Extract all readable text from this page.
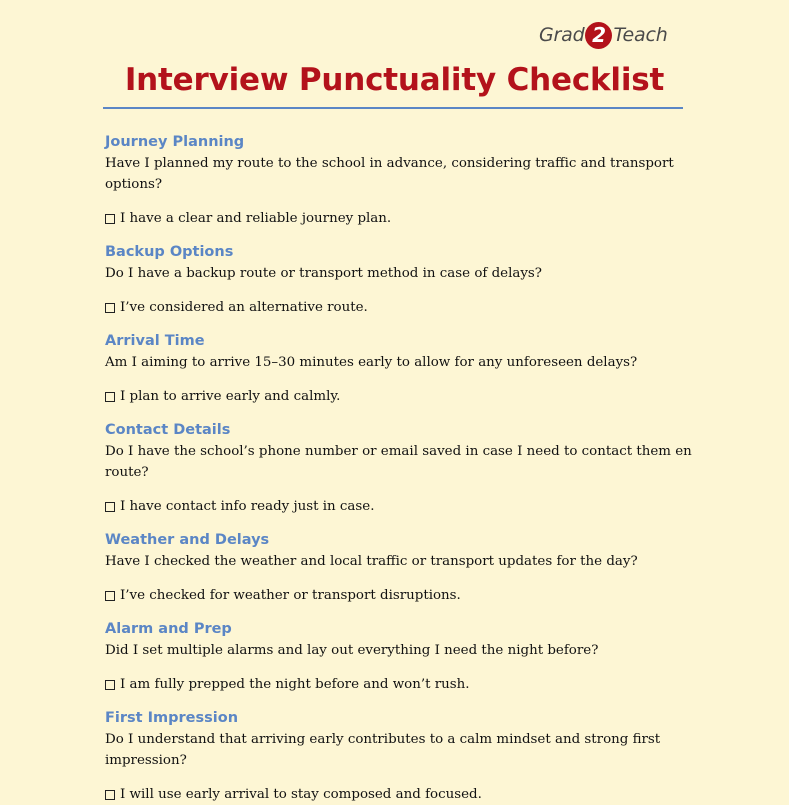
Grad 2 Teach
Interview Punctuality Checklist

Journey Planning

Have I planned my route to the school in advance, considering traffic and transport options?

I have a clear and reliable journey plan.

Backup Options

Do I have a backup route or transport method in case of delays?

I’ve considered an alternative route.

Arrival Time

Am I aiming to arrive 15–30 minutes early to allow for any unforeseen delays?

I plan to arrive early and calmly.

Contact Details

Do I have the school’s phone number or email saved in case I need to contact them en route?

I have contact info ready just in case.

Weather and Delays

Have I checked the weather and local traffic or transport updates for the day?

I’ve checked for weather or transport disruptions.

Alarm and Prep

Did I set multiple alarms and lay out everything I need the night before?

I am fully prepped the night before and won’t rush.

First Impression

Do I understand that arriving early contributes to a calm mindset and strong first impression?

I will use early arrival to stay composed and focused.
